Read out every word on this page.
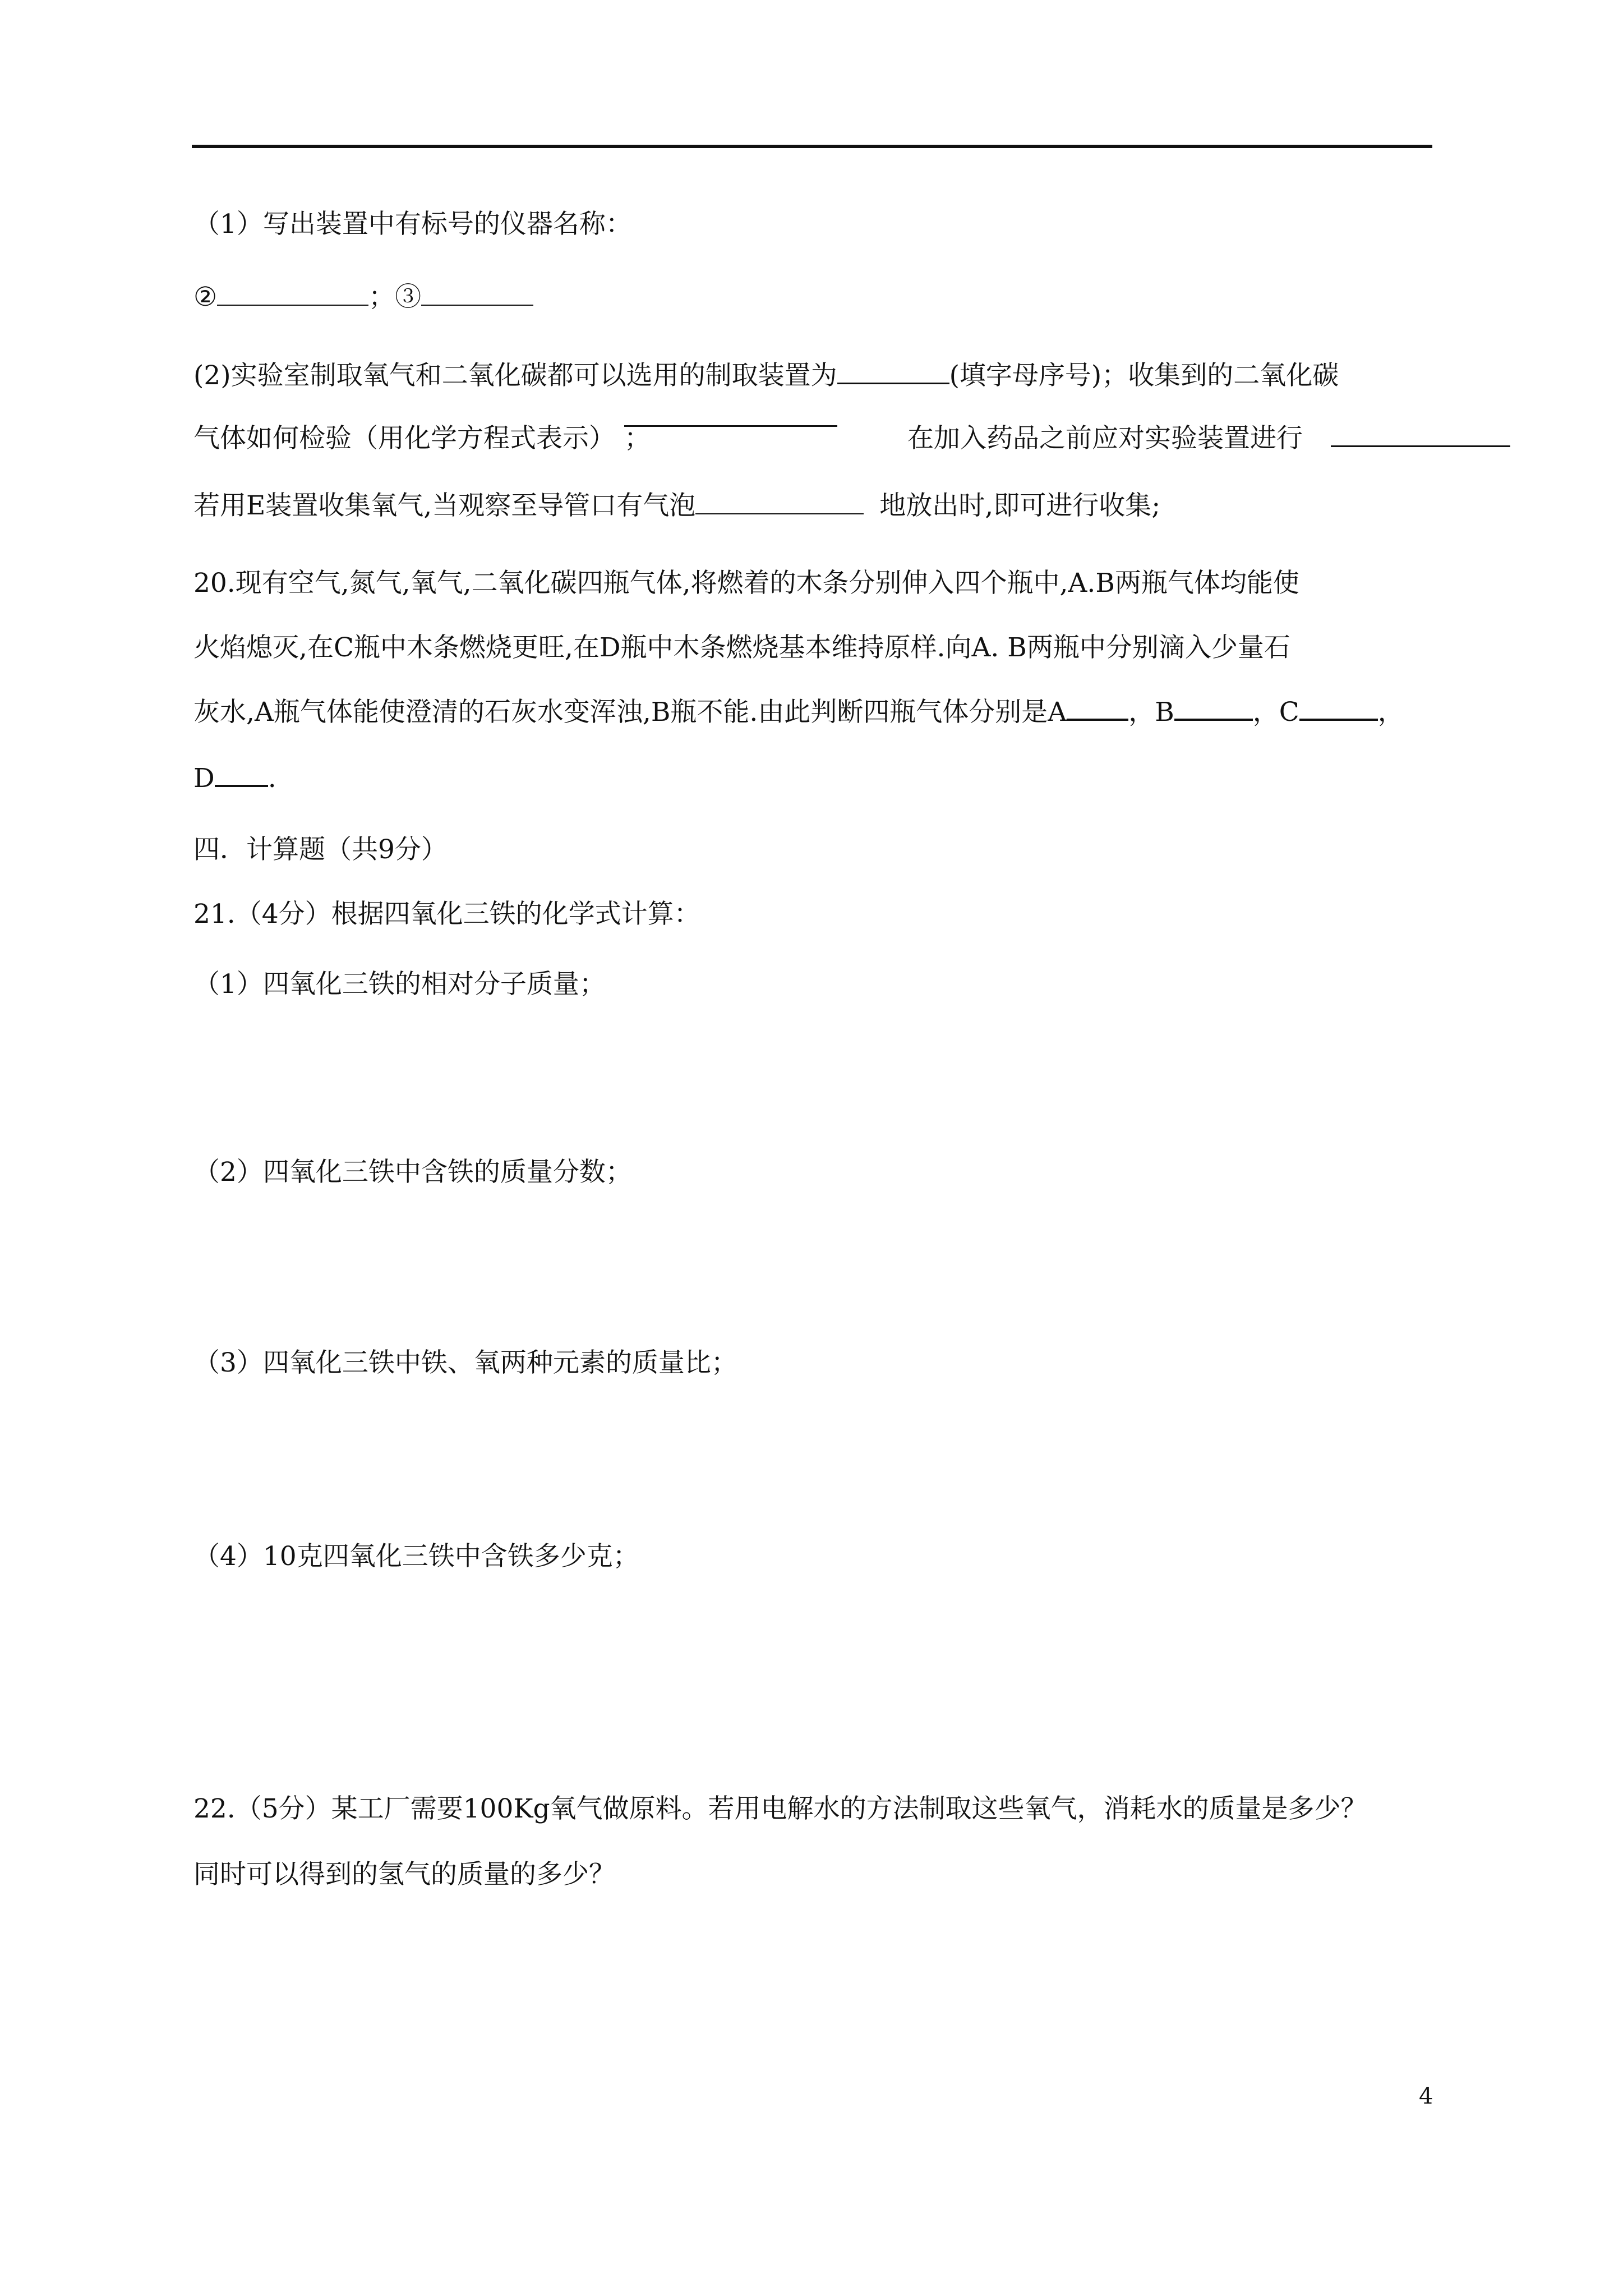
（1）写出装置中有标号的仪器名称：
②	；③
(2)实验室制取氧气和二氧化碳都可以选用的制取装置为	(填字母序号)；收集到的二氧化碳
气体如何检验（用化学方程式表示） ；	在加入药品之前应对实验装置进行
若用E装置收集氧气,当观察至导管口有气泡	地放出时,即可进行收集;
20.现有空气,氮气,氧气,二氧化碳四瓶气体,将燃着的木条分别伸入四个瓶中,A.B两瓶气体均能使
火焰熄灭,在C瓶中木条燃烧更旺,在D瓶中木条燃烧基本维持原样.向A. B两瓶中分别滴入少量石
灰水,A瓶气体能使澄清的石灰水变浑浊,B瓶不能.由此判断四瓶气体分别是A ，B	，C	，
D .
四．计算题（共9分）
21.（4分）根据四氧化三铁的化学式计算：
（1）四氧化三铁的相对分子质量；
（2）四氧化三铁中含铁的质量分数；
（3）四氧化三铁中铁、氧两种元素的质量比；
（4）10克四氧化三铁中含铁多少克；
22.（5分）某工厂需要100Kg氧气做原料。若用电解水的方法制取这些氧气，消耗水的质量是多少？
同时可以得到的氢气的质量的多少？
4
